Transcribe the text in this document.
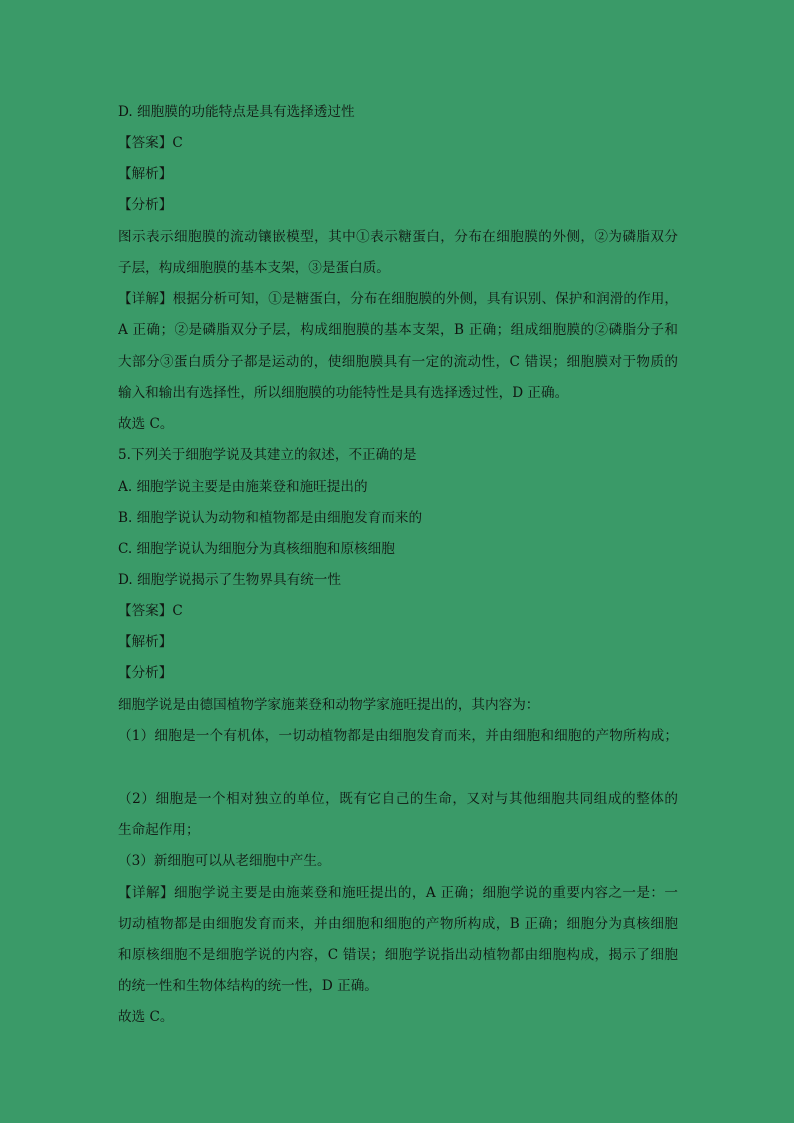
D. 细胞膜的功能特点是具有选择透过性
【答案】C
【解析】
【分析】
图示表示细胞膜的流动镶嵌模型，其中①表示糖蛋白，分布在细胞膜的外侧，②为磷脂双分
子层，构成细胞膜的基本支架，③是蛋白质。
【详解】根据分析可知，①是糖蛋白，分布在细胞膜的外侧，具有识别、保护和润滑的作用，
A 正确；②是磷脂双分子层，构成细胞膜的基本支架，B 正确；组成细胞膜的②磷脂分子和
大部分③蛋白质分子都是运动的，使细胞膜具有一定的流动性，C 错误；细胞膜对于物质的
输入和输出有选择性，所以细胞膜的功能特性是具有选择透过性，D 正确。
故选 C。
5.下列关于细胞学说及其建立的叙述，不正确的是
A. 细胞学说主要是由施莱登和施旺提出的
B. 细胞学说认为动物和植物都是由细胞发育而来的
C. 细胞学说认为细胞分为真核细胞和原核细胞
D. 细胞学说揭示了生物界具有统一性
【答案】C
【解析】
【分析】
细胞学说是由德国植物学家施莱登和动物学家施旺提出的，其内容为：
（1）细胞是一个有机体，一切动植物都是由细胞发育而来，并由细胞和细胞的产物所构成；
（2）细胞是一个相对独立的单位，既有它自己的生命，又对与其他细胞共同组成的整体的
生命起作用；
（3）新细胞可以从老细胞中产生。
【详解】细胞学说主要是由施莱登和施旺提出的，A 正确；细胞学说的重要内容之一是：一
切动植物都是由细胞发育而来，并由细胞和细胞的产物所构成，B 正确；细胞分为真核细胞
和原核细胞不是细胞学说的内容，C 错误；细胞学说指出动植物都由细胞构成，揭示了细胞
的统一性和生物体结构的统一性，D 正确。
故选 C。
